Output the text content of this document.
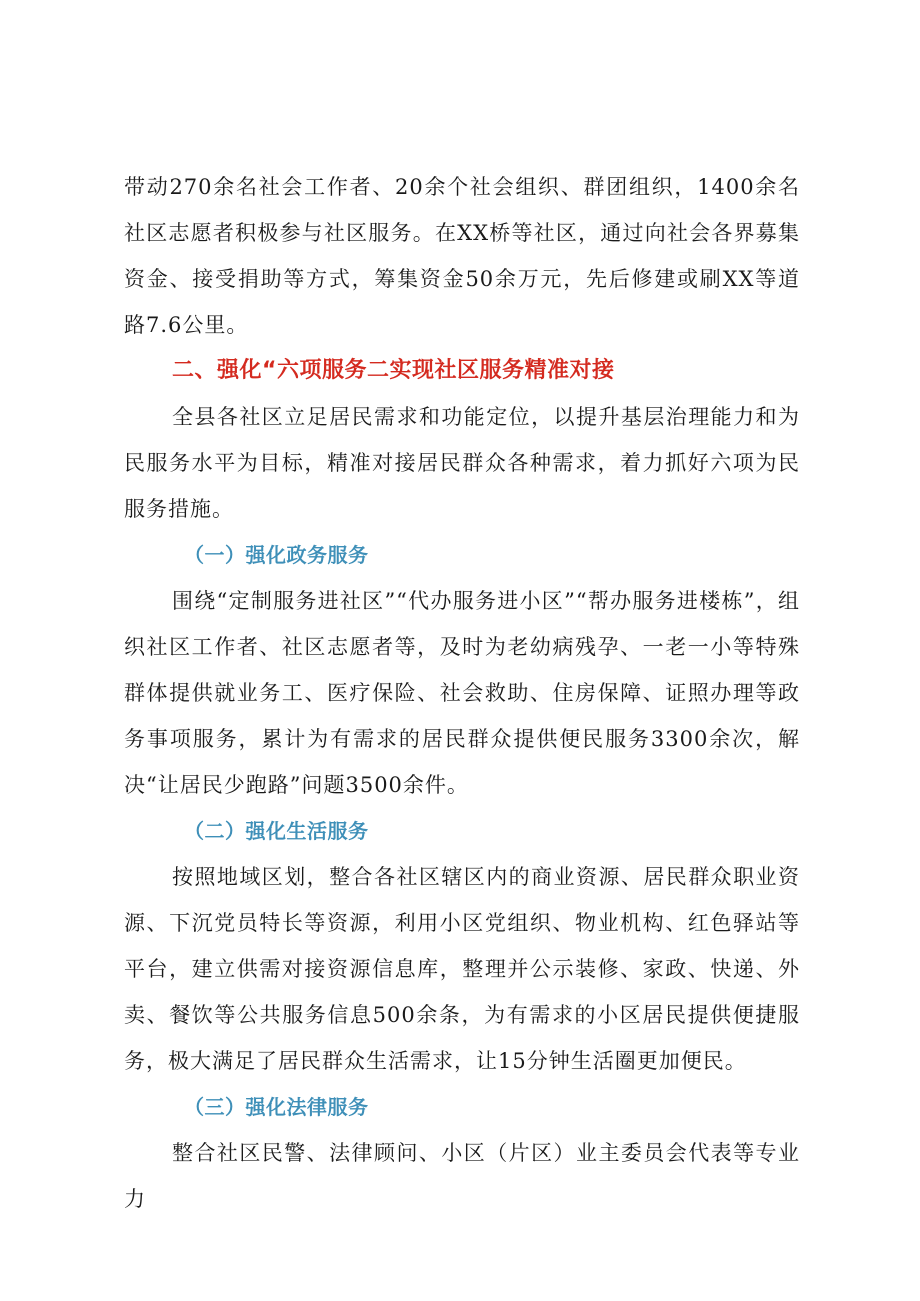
带动270余名社会工作者、20余个社会组织、群团组织，1400余名社区志愿者积极参与社区服务。在XX桥等社区，通过向社会各界募集资金、接受捐助等方式，筹集资金50余万元，先后修建或刷XX等道路7.6公里。

二、强化“六项服务二实现社区服务精准对接

全县各社区立足居民需求和功能定位，以提升基层治理能力和为民服务水平为目标，精准对接居民群众各种需求，着力抓好六项为民服务措施。

（一）强化政务服务

围绕“定制服务进社区”“代办服务进小区”“帮办服务进楼栋”，组织社区工作者、社区志愿者等，及时为老幼病残孕、一老一小等特殊群体提供就业务工、医疗保险、社会救助、住房保障、证照办理等政务事项服务，累计为有需求的居民群众提供便民服务3300余次，解决“让居民少跑路”问题3500余件。

（二）强化生活服务

按照地域区划，整合各社区辖区内的商业资源、居民群众职业资源、下沉党员特长等资源，利用小区党组织、物业机构、红色驿站等平台，建立供需对接资源信息库，整理并公示装修、家政、快递、外卖、餐饮等公共服务信息500余条，为有需求的小区居民提供便捷服务，极大满足了居民群众生活需求，让15分钟生活圈更加便民。

（三）强化法律服务

整合社区民警、法律顾问、小区（片区）业主委员会代表等专业力
